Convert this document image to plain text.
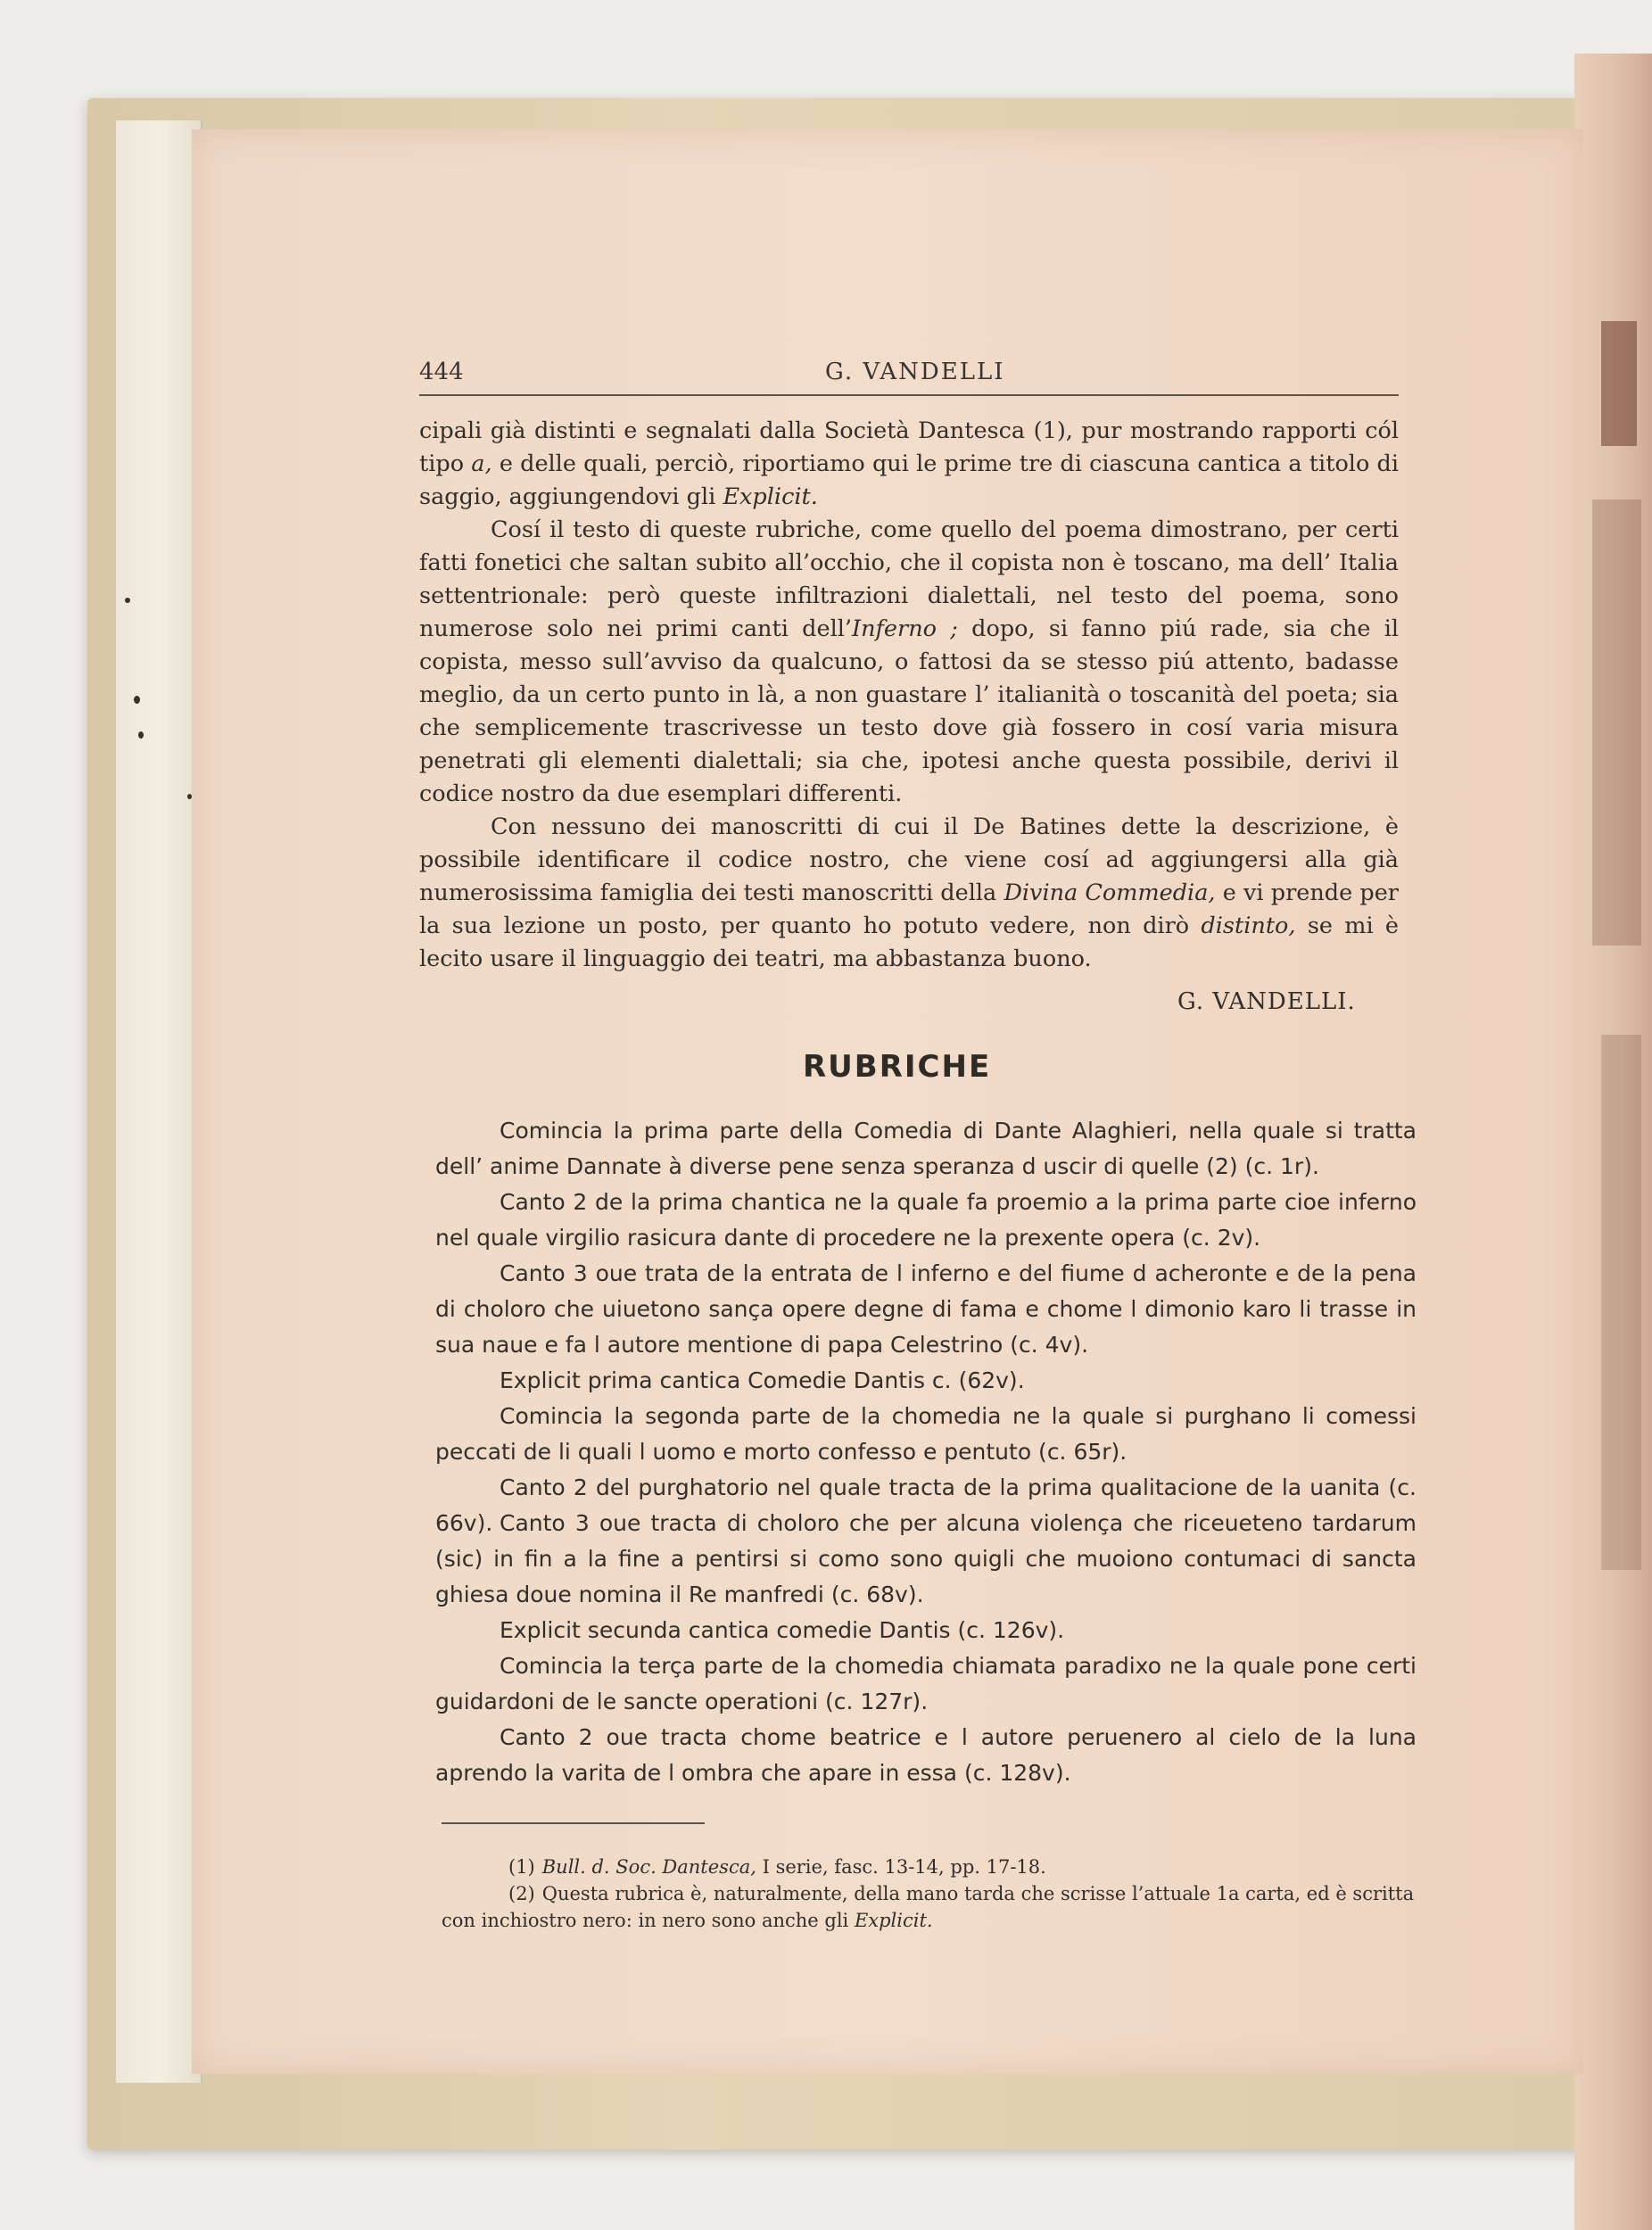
444	G. VANDELLI

cipali già distinti e segnalati dalla Società Dantesca (1), pur mostrando rapporti cól tipo a, e delle quali, perciò, riportiamo qui le prime tre di ciascuna cantica a titolo di saggio, aggiungendovi gli Explicit.

Cosí il testo di queste rubriche, come quello del poema dimostrano, per certi fatti fonetici che saltan subito all’occhio, che il copista non è toscano, ma dell’ Italia settentrionale: però queste infiltrazioni dialettali, nel testo del poema, sono numerose solo nei primi canti dell’Inferno ; dopo, si fanno piú rade, sia che il copista, messo sull’avviso da qualcuno, o fattosi da se stesso piú attento, badasse meglio, da un certo punto in là, a non guastare l’ italianità o toscanità del poeta; sia che semplicemente trascrivesse un testo dove già fossero in cosí varia misura penetrati gli elementi dialettali; sia che, ipotesi anche questa possibile, derivi il codice nostro da due esemplari differenti.

Con nessuno dei manoscritti di cui il De Batines dette la descrizione, è possibile identificare il codice nostro, che viene cosí ad aggiungersi alla già numerosissima famiglia dei testi manoscritti della Divina Commedia, e vi prende per la sua lezione un posto, per quanto ho potuto vedere, non dirò distinto, se mi è lecito usare il linguaggio dei teatri, ma abbastanza buono.

G. VANDELLI.
RUBRICHE

Comincia la prima parte della Comedia di Dante Alaghieri, nella quale si tratta dell’ anime Dannate à diverse pene senza speranza d uscir di quelle (2) (c. 1r).

Canto 2 de la prima chantica ne la quale fa proemio a la prima parte cioe inferno nel quale virgilio rasicura dante di procedere ne la prexente opera (c. 2v).

Canto 3 oue trata de la entrata de l inferno e del fiume d acheronte e de la pena di choloro che uiuetono sança opere degne di fama e chome l dimonio karo li trasse in sua naue e fa l autore mentione di papa Celestrino (c. 4v).

Explicit prima cantica Comedie Dantis c. (62v).

Comincia la segonda parte de la chomedia ne la quale si purghano li comessi peccati de li quali l uomo e morto confesso e pentuto (c. 65r).

Canto 2 del purghatorio nel quale tracta de la prima qualitacione de la uanita (c. 66v). Canto 3 oue tracta di choloro che per alcuna violença che riceueteno tardarum (sic) in fin a la fine a pentirsi si como sono quigli che muoiono contumaci di sancta ghiesa doue nomina il Re manfredi (c. 68v).

Explicit secunda cantica comedie Dantis (c. 126v).

Comincia la terça parte de la chomedia chiamata paradixo ne la quale pone certi guidardoni de le sancte operationi (c. 127r).

Canto 2 oue tracta chome beatrice e l autore peruenero al cielo de la luna aprendo la varita de l ombra che apare in essa (c. 128v).

(1) Bull. d. Soc. Dantesca, I serie, fasc. 13-14, pp. 17-18.

(2) Questa rubrica è, naturalmente, della mano tarda che scrisse l’attuale 1a carta, ed è scritta con inchiostro nero: in nero sono anche gli Explicit.
